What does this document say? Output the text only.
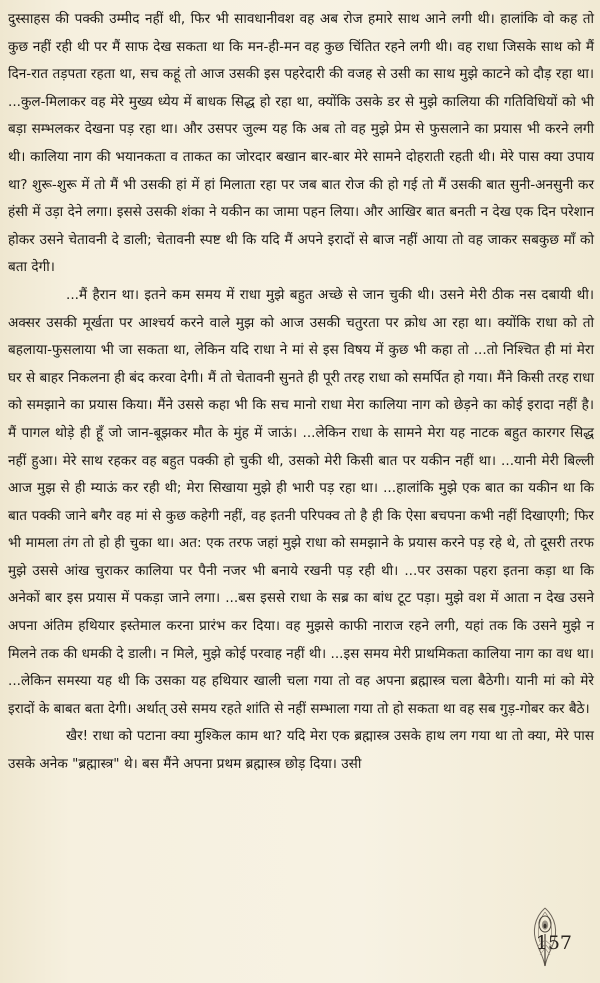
दुस्साहस की पक्की उम्मीद नहीं थी, फिर भी सावधानीवश वह अब रोज हमारे साथ आने लगी थी। हालांकि वो कह तो कुछ नहीं रही थी पर मैं साफ देख सकता था कि मन-ही-मन वह कुछ चिंतित रहने लगी थी। वह राधा जिसके साथ को मैं दिन-रात तड़पता रहता था, सच कहूं तो आज उसकी इस पहरेदारी की वजह से उसी का साथ मुझे काटने को दौड़ रहा था। ...कुल-मिलाकर वह मेरे मुख्य ध्येय में बाधक सिद्ध हो रहा था, क्योंकि उसके डर से मुझे कालिया की गतिविधियों को भी बड़ा सम्भलकर देखना पड़ रहा था। और उसपर जुल्म यह कि अब तो वह मुझे प्रेम से फुसलाने का प्रयास भी करने लगी थी। कालिया नाग की भयानकता व ताकत का जोरदार बखान बार-बार मेरे सामने दोहराती रहती थी। मेरे पास क्या उपाय था? शुरू-शुरू में तो मैं भी उसकी हां में हां मिलाता रहा पर जब बात रोज की हो गई तो मैं उसकी बात सुनी-अनसुनी कर हंसी में उड़ा देने लगा। इससे उसकी शंका ने यकीन का जामा पहन लिया। और आखिर बात बनती न देख एक दिन परेशान होकर उसने चेतावनी दे डाली; चेतावनी स्पष्ट थी कि यदि मैं अपने इरादों से बाज नहीं आया तो वह जाकर सबकुछ माँ को बता देगी।

...मैं हैरान था। इतने कम समय में राधा मुझे बहुत अच्छे से जान चुकी थी। उसने मेरी ठीक नस दबायी थी। अक्सर उसकी मूर्खता पर आश्चर्य करने वाले मुझ को आज उसकी चतुरता पर क्रोध आ रहा था। क्योंकि राधा को तो बहलाया-फुसलाया भी जा सकता था, लेकिन यदि राधा ने मां से इस विषय में कुछ भी कहा तो ...तो निश्चित ही मां मेरा घर से बाहर निकलना ही बंद करवा देगी। मैं तो चेतावनी सुनते ही पूरी तरह राधा को समर्पित हो गया। मैंने किसी तरह राधा को समझाने का प्रयास किया। मैंने उससे कहा भी कि सच मानो राधा मेरा कालिया नाग को छेड़ने का कोई इरादा नहीं है। मैं पागल थोड़े ही हूँ जो जान-बूझकर मौत के मुंह में जाऊं। ...लेकिन राधा के सामने मेरा यह नाटक बहुत कारगर सिद्ध नहीं हुआ। मेरे साथ रहकर वह बहुत पक्की हो चुकी थी, उसको मेरी किसी बात पर यकीन नहीं था। ...यानी मेरी बिल्ली आज मुझ से ही म्याऊं कर रही थी; मेरा सिखाया मुझे ही भारी पड़ रहा था। ...हालांकि मुझे एक बात का यकीन था कि बात पक्की जाने बगैर वह मां से कुछ कहेगी नहीं, वह इतनी परिपक्व तो है ही कि ऐसा बचपना कभी नहीं दिखाएगी; फिर भी मामला तंग तो हो ही चुका था। अत: एक तरफ जहां मुझे राधा को समझाने के प्रयास करने पड़ रहे थे, तो दूसरी तरफ मुझे उससे आंख चुराकर कालिया पर पैनी नजर भी बनाये रखनी पड़ रही थी। ...पर उसका पहरा इतना कड़ा था कि अनेकों बार इस प्रयास में पकड़ा जाने लगा। ...बस इससे राधा के सब्र का बांध टूट पड़ा। मुझे वश में आता न देख उसने अपना अंतिम हथियार इस्तेमाल करना प्रारंभ कर दिया। वह मुझसे काफी नाराज रहने लगी, यहां तक कि उसने मुझे न मिलने तक की धमकी दे डाली। न मिले, मुझे कोई परवाह नहीं थी। ...इस समय मेरी प्राथमिकता कालिया नाग का वध था। ...लेकिन समस्या यह थी कि उसका यह हथियार खाली चला गया तो वह अपना ब्रह्मास्त्र चला बैठेगी। यानी मां को मेरे इरादों के बाबत बता देगी। अर्थात् उसे समय रहते शांति से नहीं सम्भाला गया तो हो सकता था वह सब गुड़-गोबर कर बैठे।

खैर! राधा को पटाना क्या मुश्किल काम था? यदि मेरा एक ब्रह्मास्त्र उसके हाथ लग गया था तो क्या, मेरे पास उसके अनेक "ब्रह्मास्त्र" थे। बस मैंने अपना प्रथम ब्रह्मास्त्र छोड़ दिया। उसी

157
